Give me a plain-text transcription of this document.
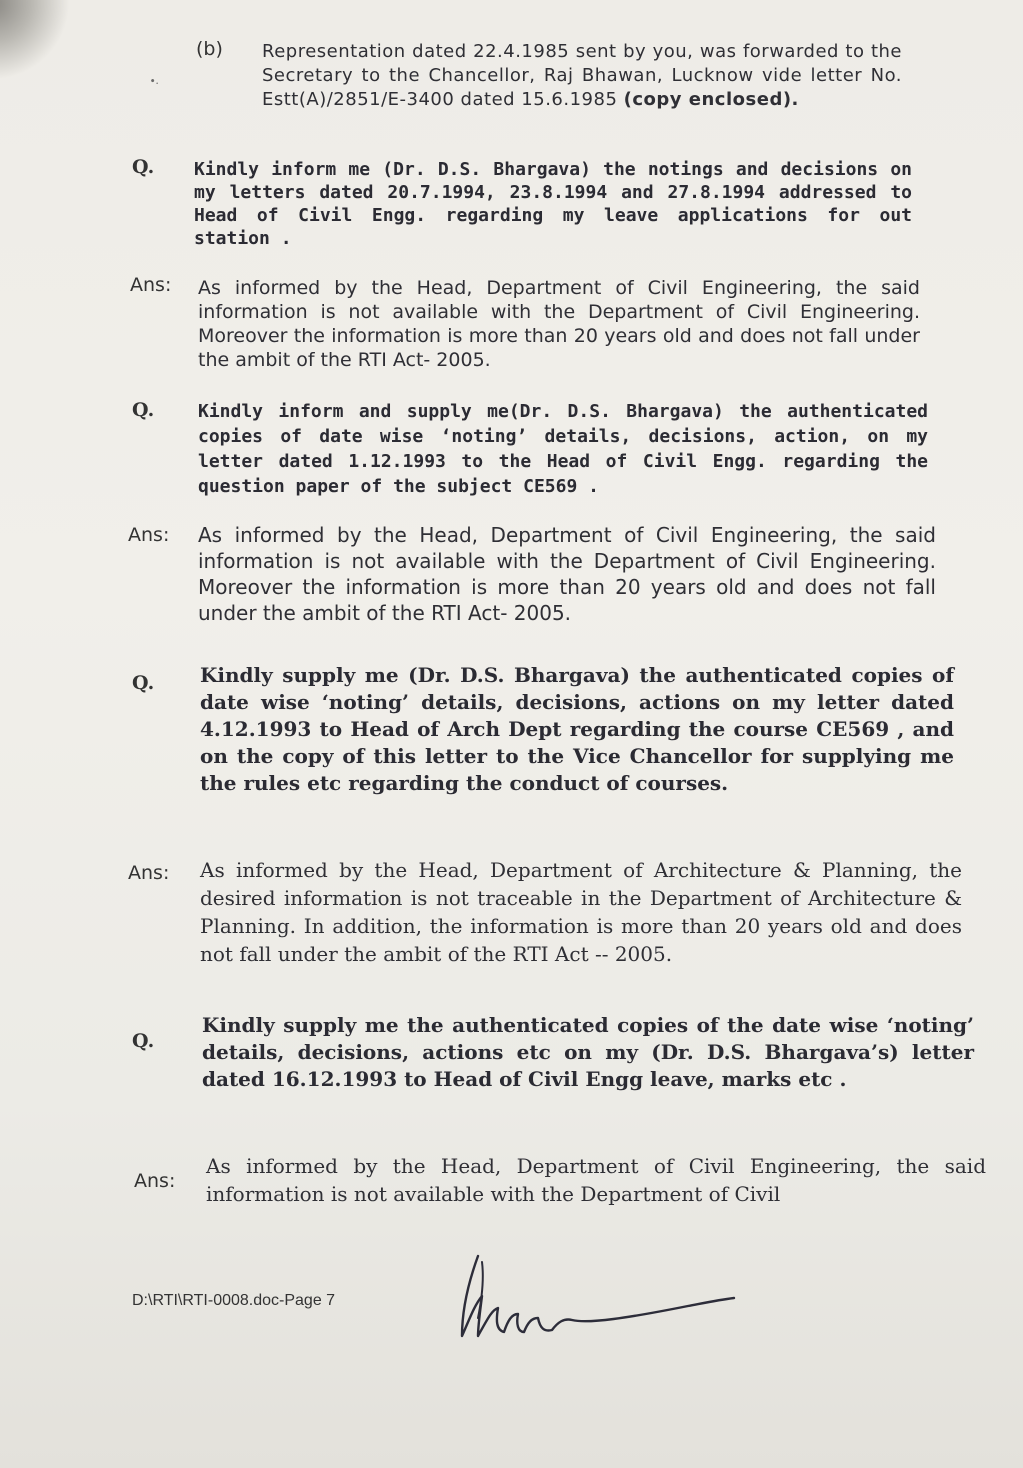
∙.
(b) Representation dated 22.4.1985 sent by you, was forwarded to the Secretary to the Chancellor, Raj Bhawan, Lucknow vide letter No. Estt(A)/2851/E-3400 dated 15.6.1985 (copy enclosed).
Q. Kindly inform me (Dr. D.S. Bhargava) the notings and decisions on my letters dated 20.7.1994, 23.8.1994 and 27.8.1994 addressed to Head of Civil Engg. regarding my leave applications for out station .
Ans: As informed by the Head, Department of Civil Engineering, the said information is not available with the Department of Civil Engineering. Moreover the information is more than 20 years old and does not fall under the ambit of the RTI Act- 2005.
Q. Kindly inform and supply me(Dr. D.S. Bhargava) the authenticated copies of date wise ‘noting’ details, decisions, action, on my letter dated 1.12.1993 to the Head of Civil Engg. regarding the question paper of the subject CE569 .
Ans: As informed by the Head, Department of Civil Engineering, the said information is not available with the Department of Civil Engineering. Moreover the information is more than 20 years old and does not fall under the ambit of the RTI Act- 2005.
Q. Kindly supply me (Dr. D.S. Bhargava) the authenticated copies of date wise ‘noting’ details, decisions, actions on my letter dated 4.12.1993 to Head of Arch Dept regarding the course CE569 , and on the copy of this letter to the Vice Chancellor for supplying me the rules etc regarding the conduct of courses.
Ans: As informed by the Head, Department of Architecture & Planning, the desired information is not traceable in the Department of Architecture & Planning. In addition, the information is more than 20 years old and does not fall under the ambit of the RTI Act -- 2005.
Q.
Kindly supply me the authenticated copies of the date wise ‘noting’ details, decisions, actions etc on my (Dr. D.S. Bhargava’s) letter dated 16.12.1993 to Head of Civil Engg leave, marks etc .
Ans:
As informed by the Head, Department of Civil Engineering, the said information is not available with the Department of Civil
D:\RTI\RTI-0008.doc-Page 7
